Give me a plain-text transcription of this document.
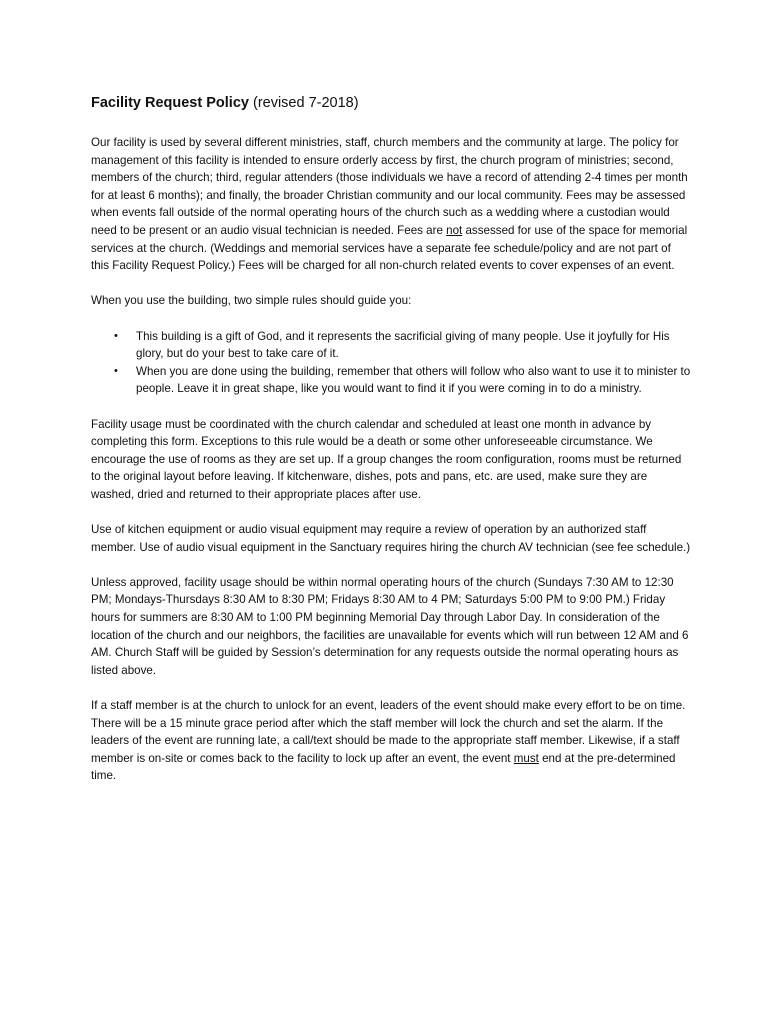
Facility Request Policy (revised 7-2018)

Our facility is used by several different ministries, staff, church members and the community at large. The policy for management of this facility is intended to ensure orderly access by first, the church program of ministries; second, members of the church; third, regular attenders (those individuals we have a record of attending 2-4 times per month for at least 6 months); and finally, the broader Christian community and our local community. Fees may be assessed when events fall outside of the normal operating hours of the church such as a wedding where a custodian would need to be present or an audio visual technician is needed. Fees are not assessed for use of the space for memorial services at the church. (Weddings and memorial services have a separate fee schedule/policy and are not part of this Facility Request Policy.) Fees will be charged for all non-church related events to cover expenses of an event.

When you use the building, two simple rules should guide you:

• This building is a gift of God, and it represents the sacrificial giving of many people. Use it joyfully for His glory, but do your best to take care of it.
• When you are done using the building, remember that others will follow who also want to use it to minister to people. Leave it in great shape, like you would want to find it if you were coming in to do a ministry.

Facility usage must be coordinated with the church calendar and scheduled at least one month in advance by completing this form. Exceptions to this rule would be a death or some other unforeseeable circumstance. We encourage the use of rooms as they are set up. If a group changes the room configuration, rooms must be returned to the original layout before leaving. If kitchenware, dishes, pots and pans, etc. are used, make sure they are washed, dried and returned to their appropriate places after use.

Use of kitchen equipment or audio visual equipment may require a review of operation by an authorized staff member. Use of audio visual equipment in the Sanctuary requires hiring the church AV technician (see fee schedule.)

Unless approved, facility usage should be within normal operating hours of the church (Sundays 7:30 AM to 12:30 PM; Mondays-Thursdays 8:30 AM to 8:30 PM; Fridays 8:30 AM to 4 PM; Saturdays 5:00 PM to 9:00 PM.) Friday hours for summers are 8:30 AM to 1:00 PM beginning Memorial Day through Labor Day. In consideration of the location of the church and our neighbors, the facilities are unavailable for events which will run between 12 AM and 6 AM. Church Staff will be guided by Session’s determination for any requests outside the normal operating hours as listed above.

If a staff member is at the church to unlock for an event, leaders of the event should make every effort to be on time. There will be a 15 minute grace period after which the staff member will lock the church and set the alarm. If the leaders of the event are running late, a call/text should be made to the appropriate staff member. Likewise, if a staff member is on-site or comes back to the facility to lock up after an event, the event must end at the pre-determined time.
